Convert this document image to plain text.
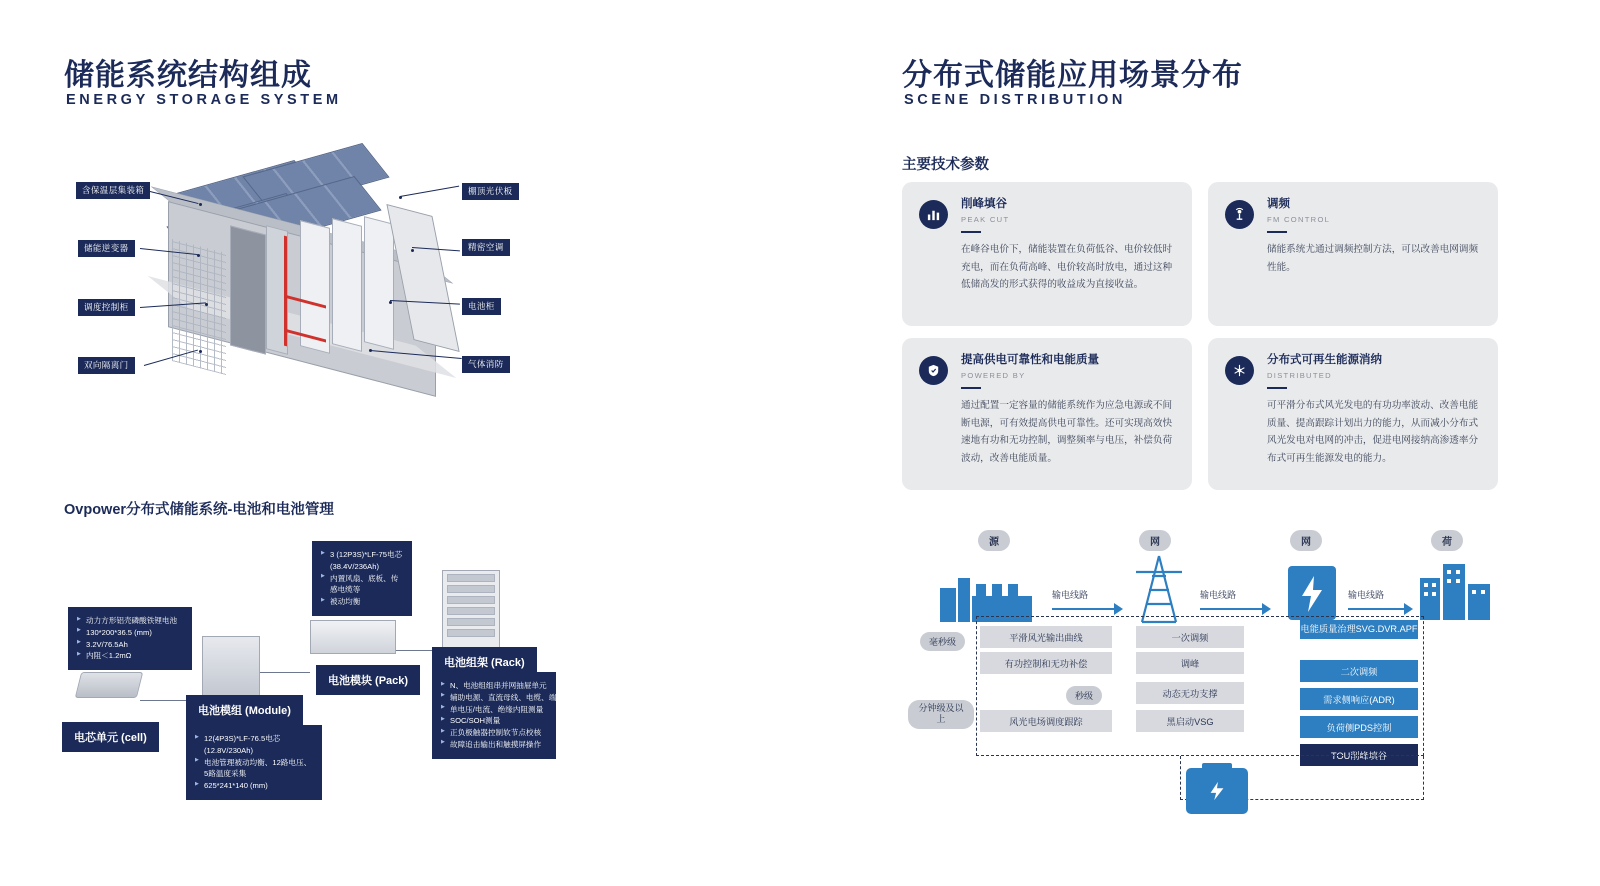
储能系统结构组成
ENERGY STORAGE SYSTEM
含保温层集装箱
储能逆变器
调度控制柜
双向隔离门
棚顶光伏板
精密空调
电池柜
气体消防
Ovpower分布式储能系统-电池和电池管理
电芯单元 (cell)
▶ 动力方形铝壳磷酸铁锂电池
▶ 130*200*36.5 (mm)
▶ 3.2V/76.5Ah
▶ 内阻＜1.2mΩ
电池模组 (Module)
▶ 12(4P3S)*LF-76.5电芯 (12.8V/230Ah)
▶ 电池管理被动均衡、12路电压、5路温度采集
▶ 625*241*140 (mm)
电池模块 (Pack)
▶ 3 (12P3S)*LF-75电芯 (38.4V/236Ah)
▶ 内置风扇、底板、传感电缆等
▶ 被动均衡
电池组架 (Rack)
▶ N、电池组组串并网抽屉单元
▶ 辅助电源、直流母线、电缆、端子排等
▶ 单电压/电流、绝缘内阻测量
▶ SOC/SOH测量
▶ 正负极触器控制软节点校核
▶ 故障追击输出和触摸屏操作
分布式储能应用场景分布
SCENE DISTRIBUTION
主要技术参数
削峰填谷
PEAK CUT
在峰谷电价下，储能装置在负荷低谷、电价较低时充电，而在负荷高峰、电价较高时放电，通过这种低储高发的形式获得的收益成为直接收益。
调频
FM CONTROL
储能系统尤通过调频控制方法，可以改善电网调频性能。
提高供电可靠性和电能质量
POWERED BY
通过配置一定容量的储能系统作为应急电源或不间断电源，可有效提高供电可靠性。还可实现高效快速地有功和无功控制，调整频率与电压，补偿负荷波动，改善电能质量。
分布式可再生能源消纳
DISTRIBUTED
可平滑分布式风光发电的有功功率波动、改善电能质量、提高跟踪计划出力的能力，从而减小分布式风光发电对电网的冲击，促进电网接纳高渗透率分布式可再生能源发电的能力。
源	网	网	荷
输电线路	输电线路	输电线路
毫秒级
秒级
分钟级及以上
平滑风光输出曲线
有功控制和无功补偿
风光电场调度跟踪
一次调频
调峰
动态无功支撑
黑启动VSG
电能质量治理SVG.DVR.APF
二次调频
需求侧响应(ADR)
负荷侧PDS控制
TOU削峰填谷
